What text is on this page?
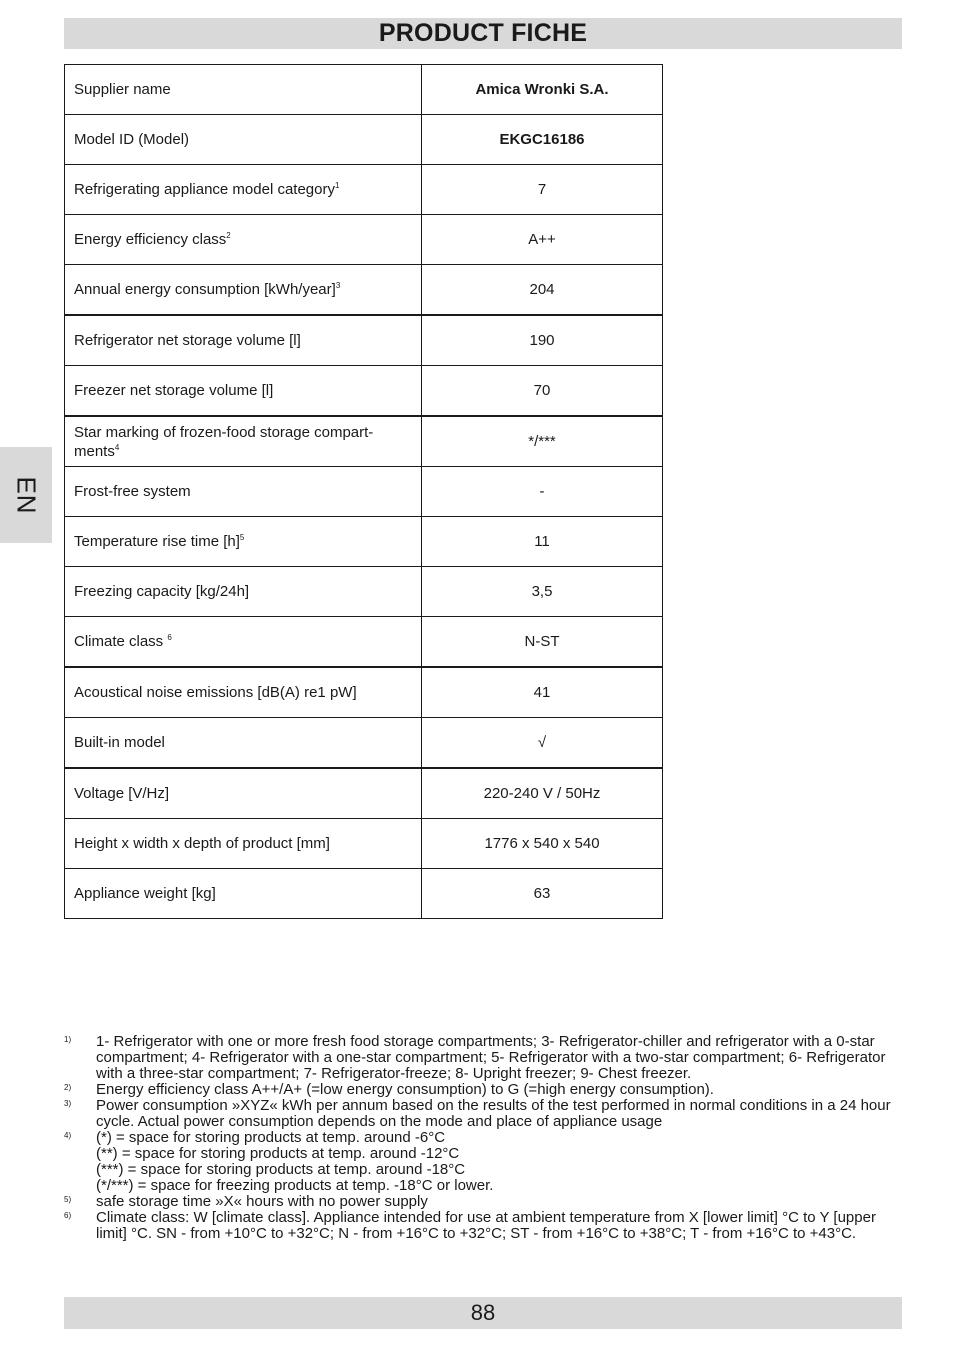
PRODUCT FICHE
EN
Supplier name	Amica Wronki S.A.
Model ID (Model)	EKGC16186
Refrigerating appliance model category$^1$	7
Energy efficiency class$^2$	A++
Annual energy consumption [kWh/year]$^3$	204
Refrigerator net storage volume [l]	190
Freezer net storage volume [l]	70
Star marking of frozen-food storage compart-ments$^4$	*/***
Frost-free system	-
Temperature rise time $[h]^5$	11
Freezing capacity [kg/24h]	3,5
Climate class $^6$	N-ST
Acoustical noise emissions [dB(A) re1 pW]	41
Built-in model	√
Voltage [V/Hz]	220-240 V / 50Hz
Height x width x depth of product [mm]	1776 x 540 x 540
Appliance weight [kg]	63
1)	1- Refrigerator with one or more fresh food storage compartments; 3- Refrigerator-chiller and refrigerator with a 0-star compartment; 4- Refrigerator with a one-star compartment; 5- Refrigerator with a two-star compartment; 6- Refrigerator with a three-star compartment; 7- Refrigerator-freeze; 8- Upright freezer; 9- Chest freezer.
2)	Energy efficiency class A++/A+ (=low energy consumption) to G (=high energy consumption).
3)	Power consumption »XYZ« kWh per annum based on the results of the test performed in normal conditions in a 24 hour cycle. Actual power consumption depends on the mode and place of appliance usage
4)	(*) = space for storing products at temp. around -6°C
(**) = space for storing products at temp. around -12°C
(***) = space for storing products at temp. around -18°C
(*/***) = space for freezing products at temp. -18°C or lower.
5)	safe storage time »X« hours with no power supply
6)	Climate class: W [climate class]. Appliance intended for use at ambient temperature from X [lower limit] °C to Y [upper limit] °C. SN - from +10°C to +32°C; N - from +16°C to +32°C; ST - from +16°C to +38°C; T - from +16°C to +43°C.
88
